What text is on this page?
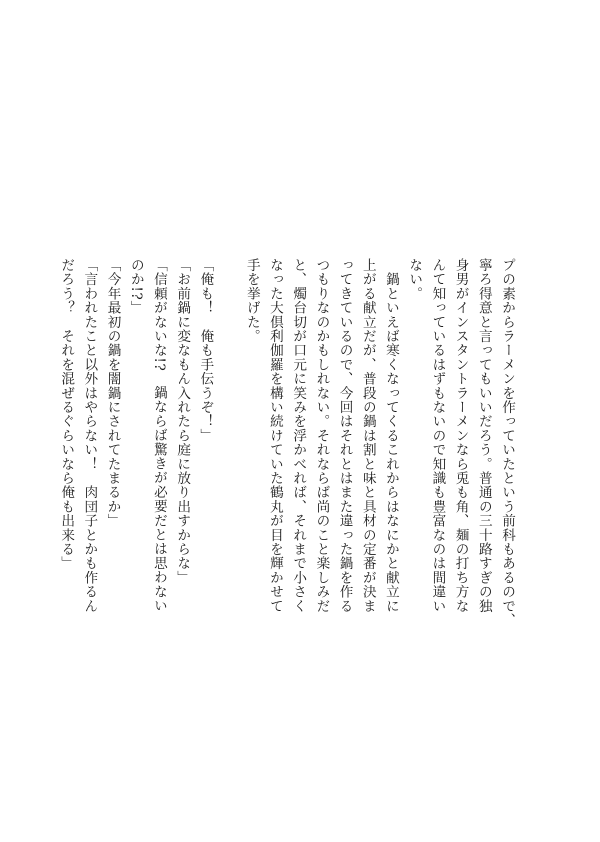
プの素からラーメンを作っていたという前科もあるので、
寧ろ得意と言ってもいいだろう。普通の三十路すぎの独
身男がインスタントラーメンなら兎も角、麺の打ち方な
んて知っているはずもないので知識も豊富なのは間違い
ない。
　鍋といえば寒くなってくるこれからはなにかと献立に
上がる献立だが、普段の鍋は割と味と具材の定番が決ま
ってきているので、今回はそれとはまた違った鍋を作る
つもりなのかもしれない。それならば尚のこと楽しみだ
と、燭台切が口元に笑みを浮かべれば、それまで小さく
なった大倶利伽羅を構い続けていた鶴丸が目を輝かせて
手を挙げた。
「俺も！　俺も手伝うぞ！」
「お前鍋に変なもん入れたら庭に放り出すからな」
「信頼がないな!?　鍋ならば驚きが必要だとは思わない
のか!?」
「今年最初の鍋を闇鍋にされてたまるか」
「言われたこと以外はやらない！　肉団子とかも作るん
だろう？　それを混ぜるぐらいなら俺も出来る」
